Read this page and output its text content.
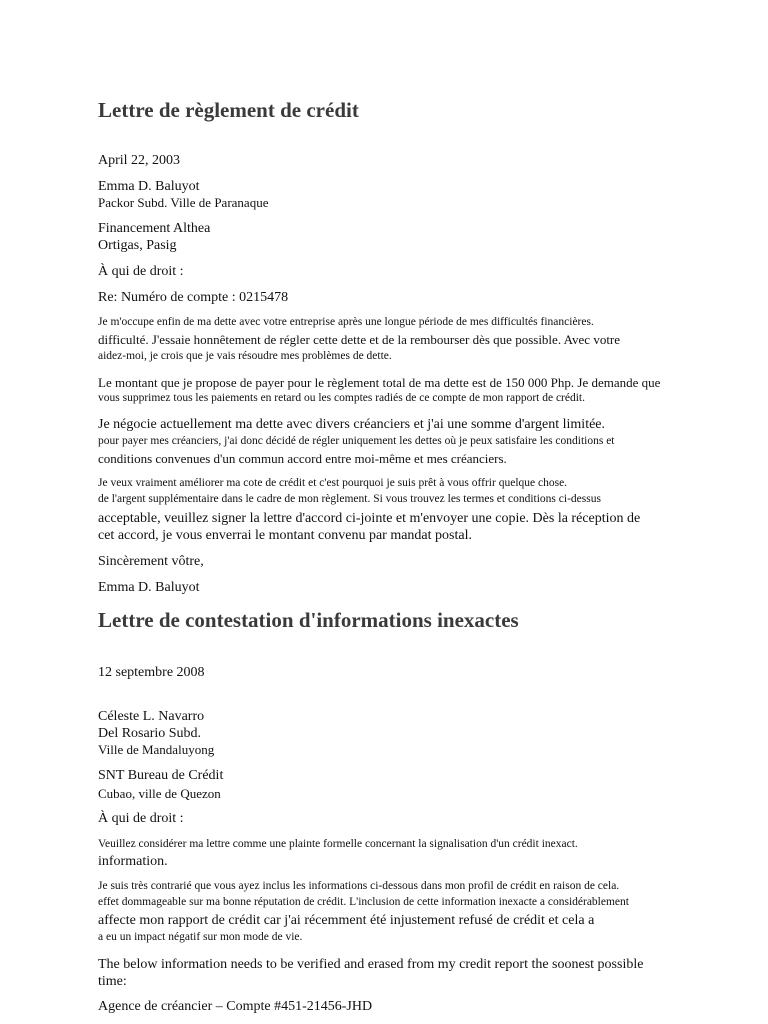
Lettre de règlement de crédit

April 22, 2003

Emma D. Baluyot

Packor Subd. Ville de Paranaque

Financement Althea

Ortigas, Pasig

À qui de droit :

Re: Numéro de compte : 0215478

Je m'occupe enfin de ma dette avec votre entreprise après une longue période de mes difficultés financières.

difficulté. J'essaie honnêtement de régler cette dette et de la rembourser dès que possible. Avec votre

aidez-moi, je crois que je vais résoudre mes problèmes de dette.

Le montant que je propose de payer pour le règlement total de ma dette est de 150 000 Php. Je demande que

vous supprimez tous les paiements en retard ou les comptes radiés de ce compte de mon rapport de crédit.

Je négocie actuellement ma dette avec divers créanciers et j'ai une somme d'argent limitée.

pour payer mes créanciers, j'ai donc décidé de régler uniquement les dettes où je peux satisfaire les conditions et

conditions convenues d'un commun accord entre moi-même et mes créanciers.

Je veux vraiment améliorer ma cote de crédit et c'est pourquoi je suis prêt à vous offrir quelque chose.

de l'argent supplémentaire dans le cadre de mon règlement. Si vous trouvez les termes et conditions ci-dessus

acceptable, veuillez signer la lettre d'accord ci-jointe et m'envoyer une copie. Dès la réception de

cet accord, je vous enverrai le montant convenu par mandat postal.

Sincèrement vôtre,

Emma D. Baluyot

Lettre de contestation d'informations inexactes

12 septembre 2008

Céleste L. Navarro

Del Rosario Subd.

Ville de Mandaluyong

SNT Bureau de Crédit

Cubao, ville de Quezon

À qui de droit :

Veuillez considérer ma lettre comme une plainte formelle concernant la signalisation d'un crédit inexact.

information.

Je suis très contrarié que vous ayez inclus les informations ci-dessous dans mon profil de crédit en raison de cela.

effet dommageable sur ma bonne réputation de crédit. L'inclusion de cette information inexacte a considérablement

affecte mon rapport de crédit car j'ai récemment été injustement refusé de crédit et cela a

a eu un impact négatif sur mon mode de vie.

The below information needs to be verified and erased from my credit report the soonest possible

time:

Agence de créancier – Compte #451-21456-JHD
